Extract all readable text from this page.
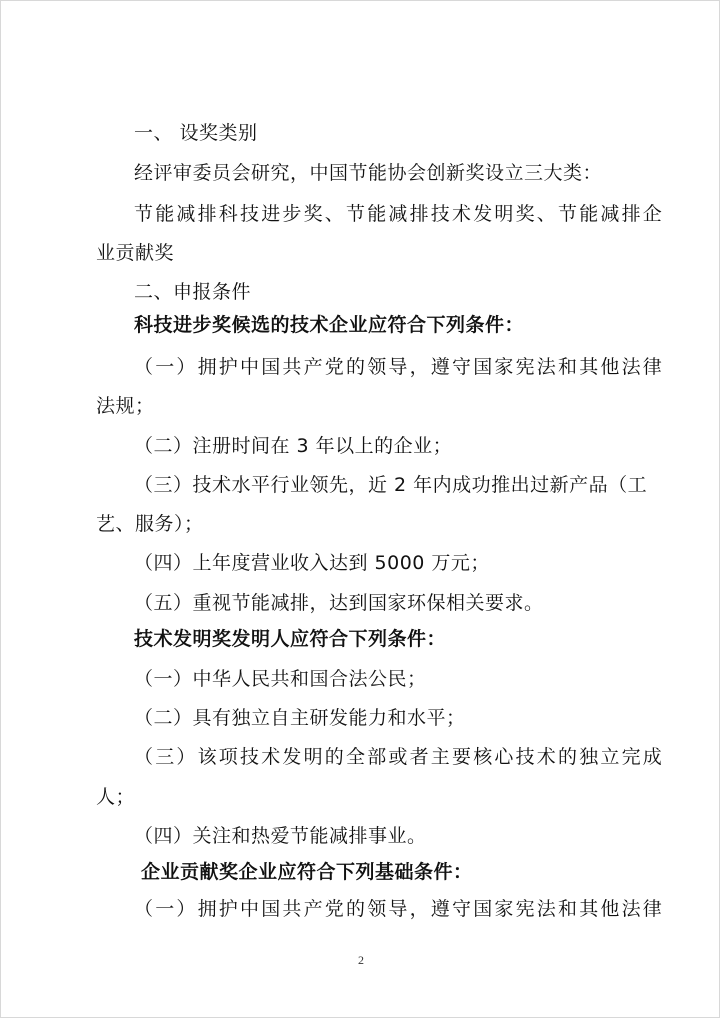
一、 设奖类别
经评审委员会研究，中国节能协会创新奖设立三大类：
节能减排科技进步奖、节能减排技术发明奖、节能减排企
业贡献奖
二、申报条件
科技进步奖候选的技术企业应符合下列条件：
（一）拥护中国共产党的领导，遵守国家宪法和其他法律
法规；
（二）注册时间在 3 年以上的企业；
（三）技术水平行业领先，近 2 年内成功推出过新产品（工
艺、服务）；
（四）上年度营业收入达到 5000 万元；
（五）重视节能减排，达到国家环保相关要求。
技术发明奖发明人应符合下列条件：
（一）中华人民共和国合法公民；
（二）具有独立自主研发能力和水平；
（三）该项技术发明的全部或者主要核心技术的独立完成
人；
（四）关注和热爱节能减排事业。
企业贡献奖企业应符合下列基础条件：
（一）拥护中国共产党的领导，遵守国家宪法和其他法律
2
